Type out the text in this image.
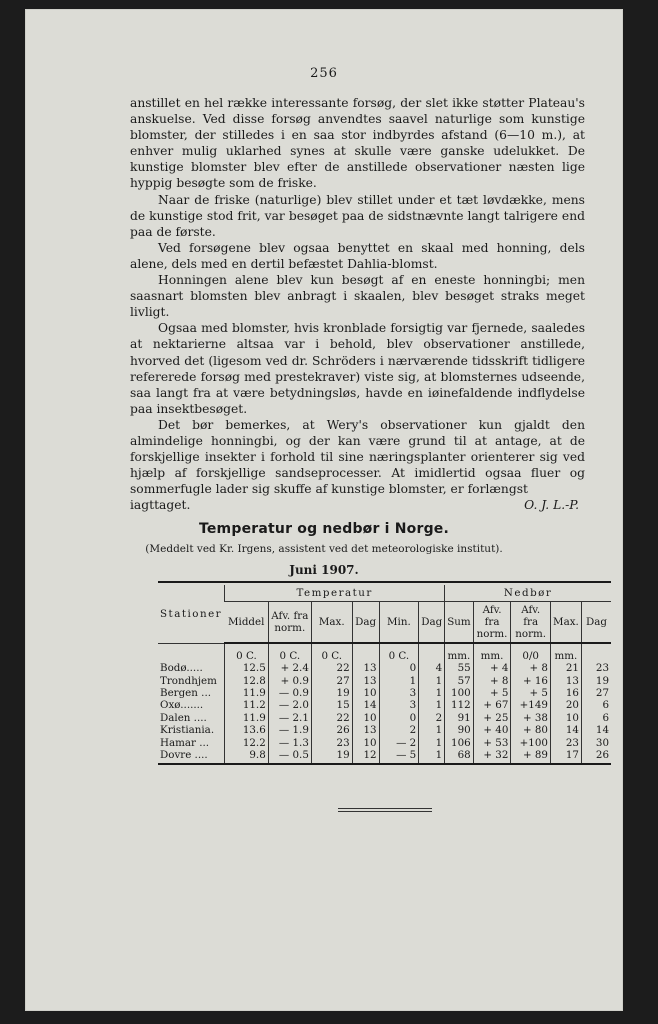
256

anstillet en hel række interessante forsøg, der slet ikke støtter Plateau's anskuelse. Ved disse forsøg anvendtes saavel naturlige som kunstige blomster, der stilledes i en saa stor indbyrdes afstand (6—10 m.), at enhver mulig uklarhed synes at skulle være ganske udelukket. De kunstige blomster blev efter de anstillede observationer næsten lige hyppig besøgte som de friske.

Naar de friske (naturlige) blev stillet under et tæt løvdække, mens de kunstige stod frit, var besøget paa de sidstnævnte langt talrigere end paa de første.

Ved forsøgene blev ogsaa benyttet en skaal med honning, dels alene, dels med en dertil befæstet Dahlia-blomst.

Honningen alene blev kun besøgt af en eneste honningbi; men saasnart blomsten blev anbragt i skaalen, blev besøget straks meget livligt.

Ogsaa med blomster, hvis kronblade forsigtig var fjernede, saaledes at nektarierne altsaa var i behold, blev observationer anstillede, hvorved det (ligesom ved dr. Schröders i nærværende tidsskrift tidligere refererede forsøg med prestekraver) viste sig, at blomsternes udseende, saa langt fra at være betydningsløs, havde en iøinefaldende indflydelse paa insektbesøget.

Det bør bemerkes, at Wery's observationer kun gjaldt den almindelige honningbi, og der kan være grund til at antage, at de forskjellige insekter i forhold til sine næringsplanter orienterer sig ved hjælp af forskjellige sandseprocesser. At imidlertid ogsaa fluer og sommerfugle lader sig skuffe af kunstige blomster, er forlængst

iagttaget.	O. J. L.-P.
Temperatur og nedbør i Norge.
(Meddelt ved Kr. Irgens, assistent ved det meteorologiske institut).
Juni 1907.
Stationer	Temperatur						Nedbør				
	Middel	Afv. fra norm.	Max.	Dag	Min.	Dag	Sum	Afv. fra norm.	Afv. fra norm.	Max.	Dag
	0 C.	0 C.	0 C.		0 C.		mm.	mm.	0/0	mm.	
Bodø.....	12.5	+ 2.4	22	13	0	4	55	+ 4	+ 8	21	23
Trondhjem	12.8	+ 0.9	27	13	1	1	57	+ 8	+ 16	13	19
Bergen ...	11.9	— 0.9	19	10	3	1	100	+ 5	+ 5	16	27
Oxø.......	11.2	— 2.0	15	14	3	1	112	+ 67	+149	20	6
Dalen ....	11.9	— 2.1	22	10	0	2	91	+ 25	+ 38	10	6
Kristiania.	13.6	— 1.9	26	13	2	1	90	+ 40	+ 80	14	14
Hamar ...	12.2	— 1.3	23	10	— 2	1	106	+ 53	+100	23	30
Dovre ....	9.8	— 0.5	19	12	— 5	1	68	+ 32	+ 89	17	26
